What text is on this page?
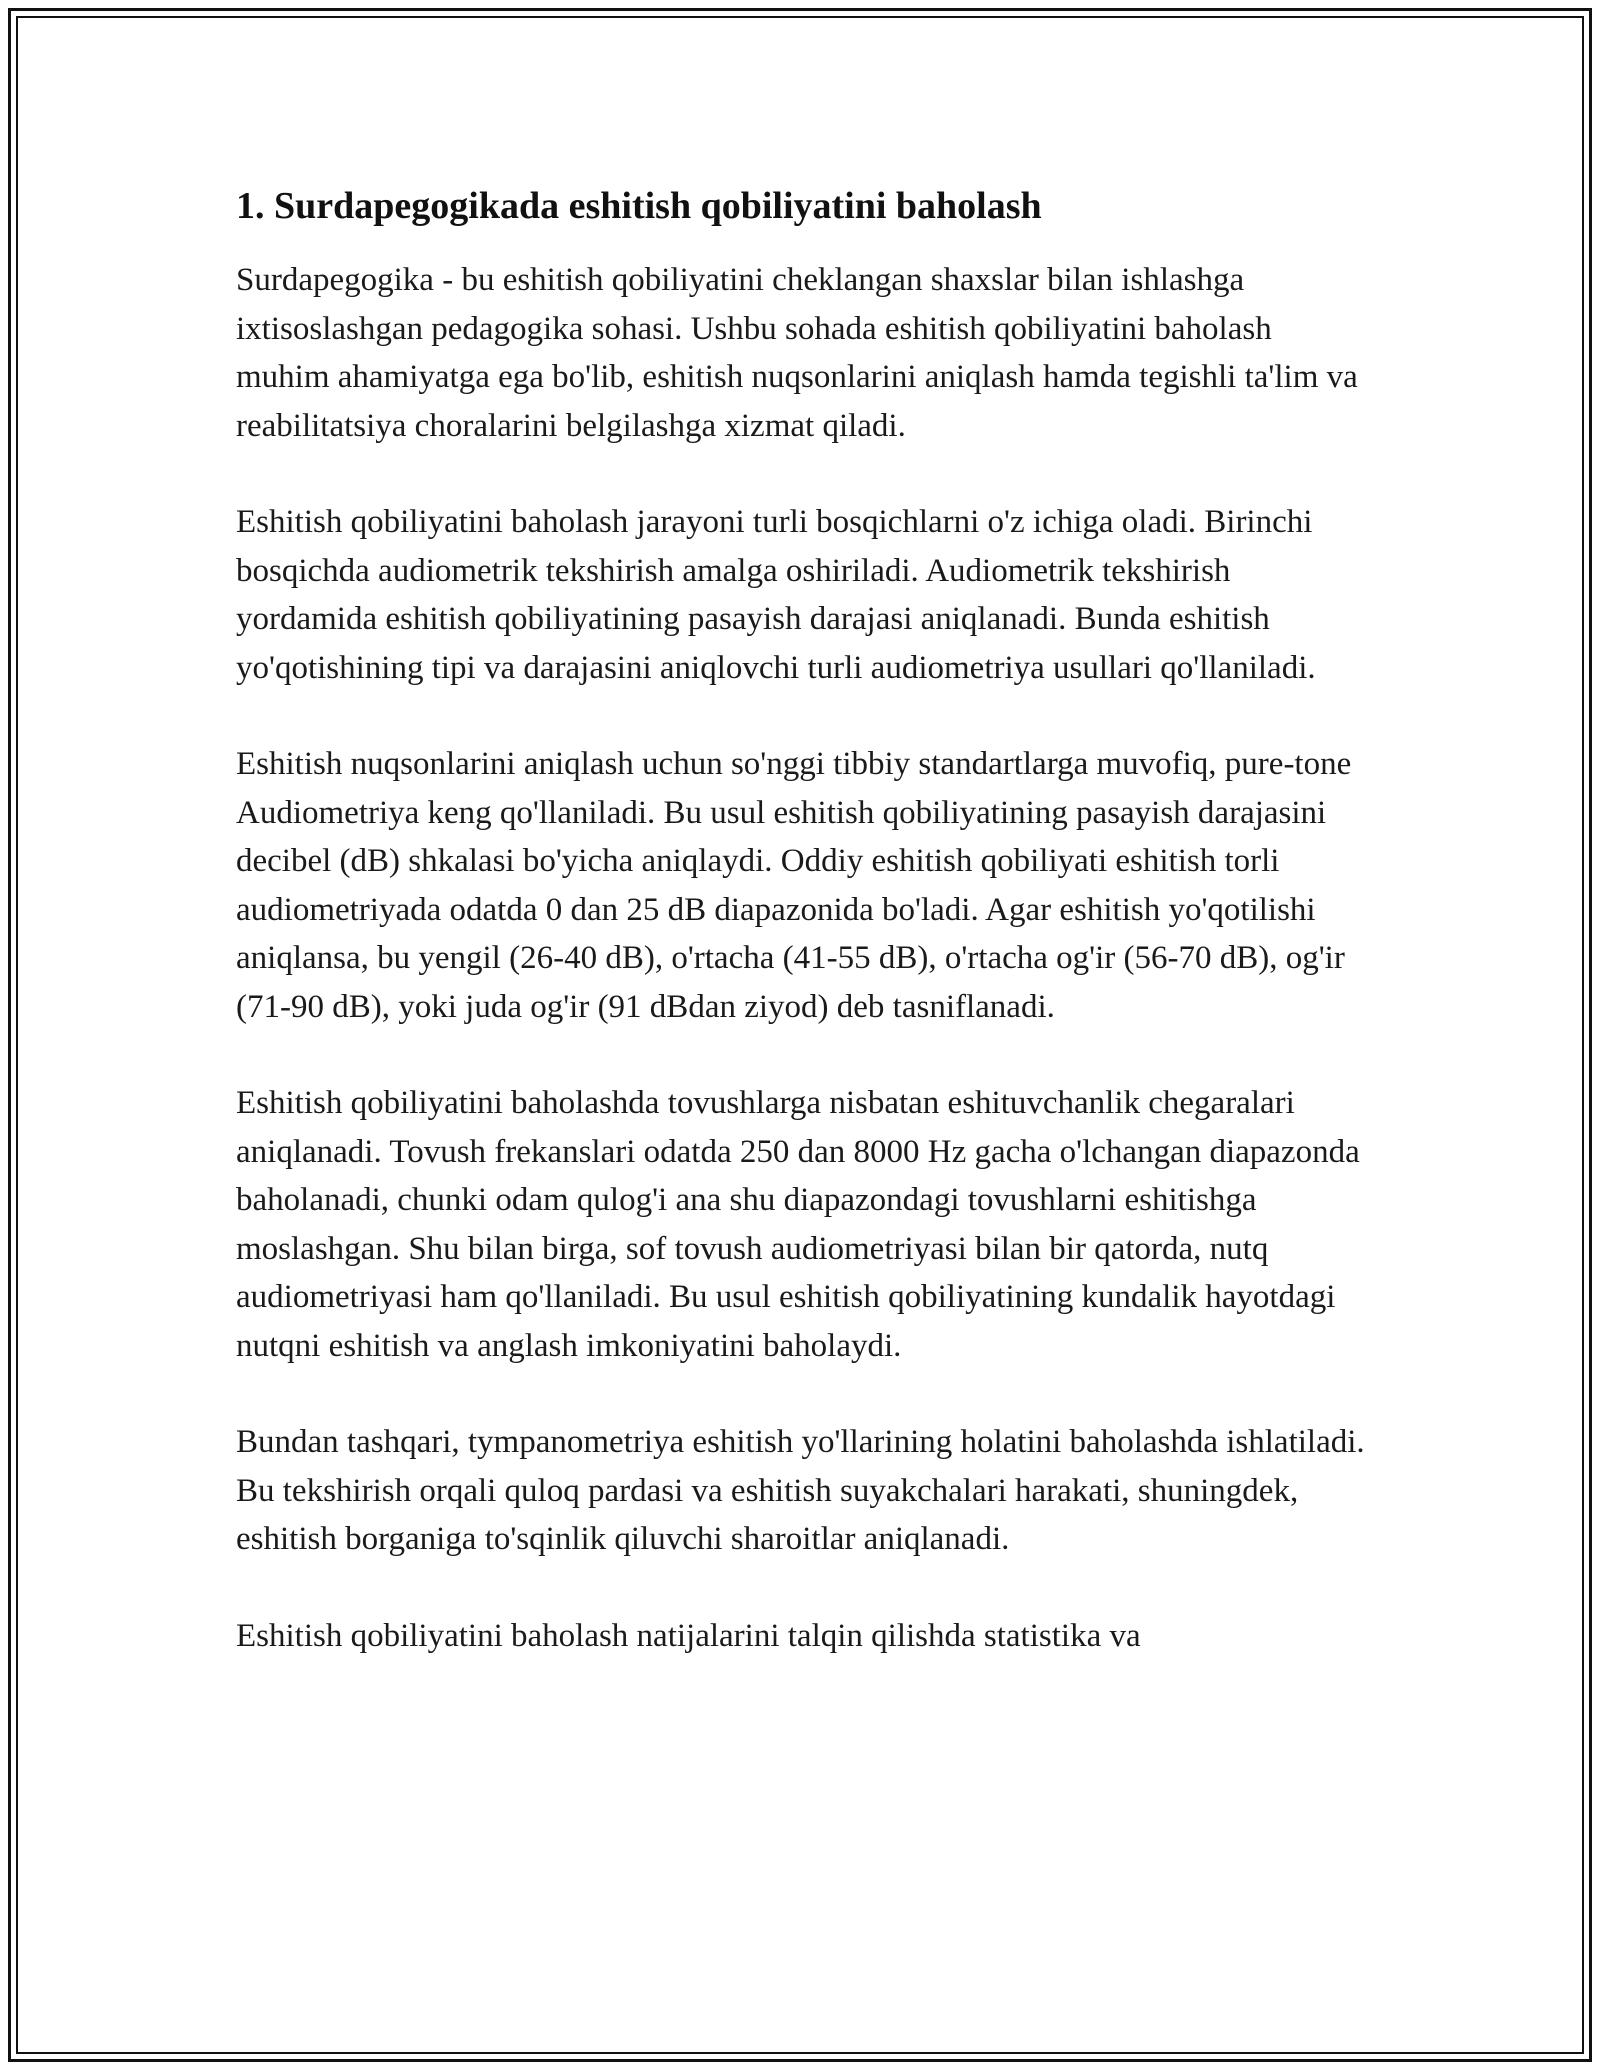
1. Surdapegogikada eshitish qobiliyatini baholash

Surdapegogika - bu eshitish qobiliyatini cheklangan shaxslar bilan ishlashga ixtisoslashgan pedagogika sohasi. Ushbu sohada eshitish qobiliyatini baholash muhim ahamiyatga ega bo'lib, eshitish nuqsonlarini aniqlash hamda tegishli ta'lim va reabilitatsiya choralarini belgilashga xizmat qiladi.

Eshitish qobiliyatini baholash jarayoni turli bosqichlarni o'z ichiga oladi. Birinchi bosqichda audiometrik tekshirish amalga oshiriladi. Audiometrik tekshirish yordamida eshitish qobiliyatining pasayish darajasi aniqlanadi. Bunda eshitish yo'qotishining tipi va darajasini aniqlovchi turli audiometriya usullari qo'llaniladi.

Eshitish nuqsonlarini aniqlash uchun so'nggi tibbiy standartlarga muvofiq, pure-tone Audiometriya keng qo'llaniladi. Bu usul eshitish qobiliyatining pasayish darajasini decibel (dB) shkalasi bo'yicha aniqlaydi. Oddiy eshitish qobiliyati eshitish torli audiometriyada odatda 0 dan 25 dB diapazonida bo'ladi. Agar eshitish yo'qotilishi aniqlansa, bu yengil (26-40 dB), o'rtacha (41-55 dB), o'rtacha og'ir (56-70 dB), og'ir (71-90 dB), yoki juda og'ir (91 dBdan ziyod) deb tasniflanadi.

Eshitish qobiliyatini baholashda tovushlarga nisbatan eshituvchanlik chegaralari aniqlanadi. Tovush frekanslari odatda 250 dan 8000 Hz gacha o'lchangan diapazonda baholanadi, chunki odam qulog'i ana shu diapazondagi tovushlarni eshitishga moslashgan. Shu bilan birga, sof tovush audiometriyasi bilan bir qatorda, nutq audiometriyasi ham qo'llaniladi. Bu usul eshitish qobiliyatining kundalik hayotdagi nutqni eshitish va anglash imkoniyatini baholaydi.

Bundan tashqari, tympanometriya eshitish yo'llarining holatini baholashda ishlatiladi. Bu tekshirish orqali quloq pardasi va eshitish suyakchalari harakati, shuningdek, eshitish borganiga to'sqinlik qiluvchi sharoitlar aniqlanadi.

Eshitish qobiliyatini baholash natijalarini talqin qilishda statistika va
